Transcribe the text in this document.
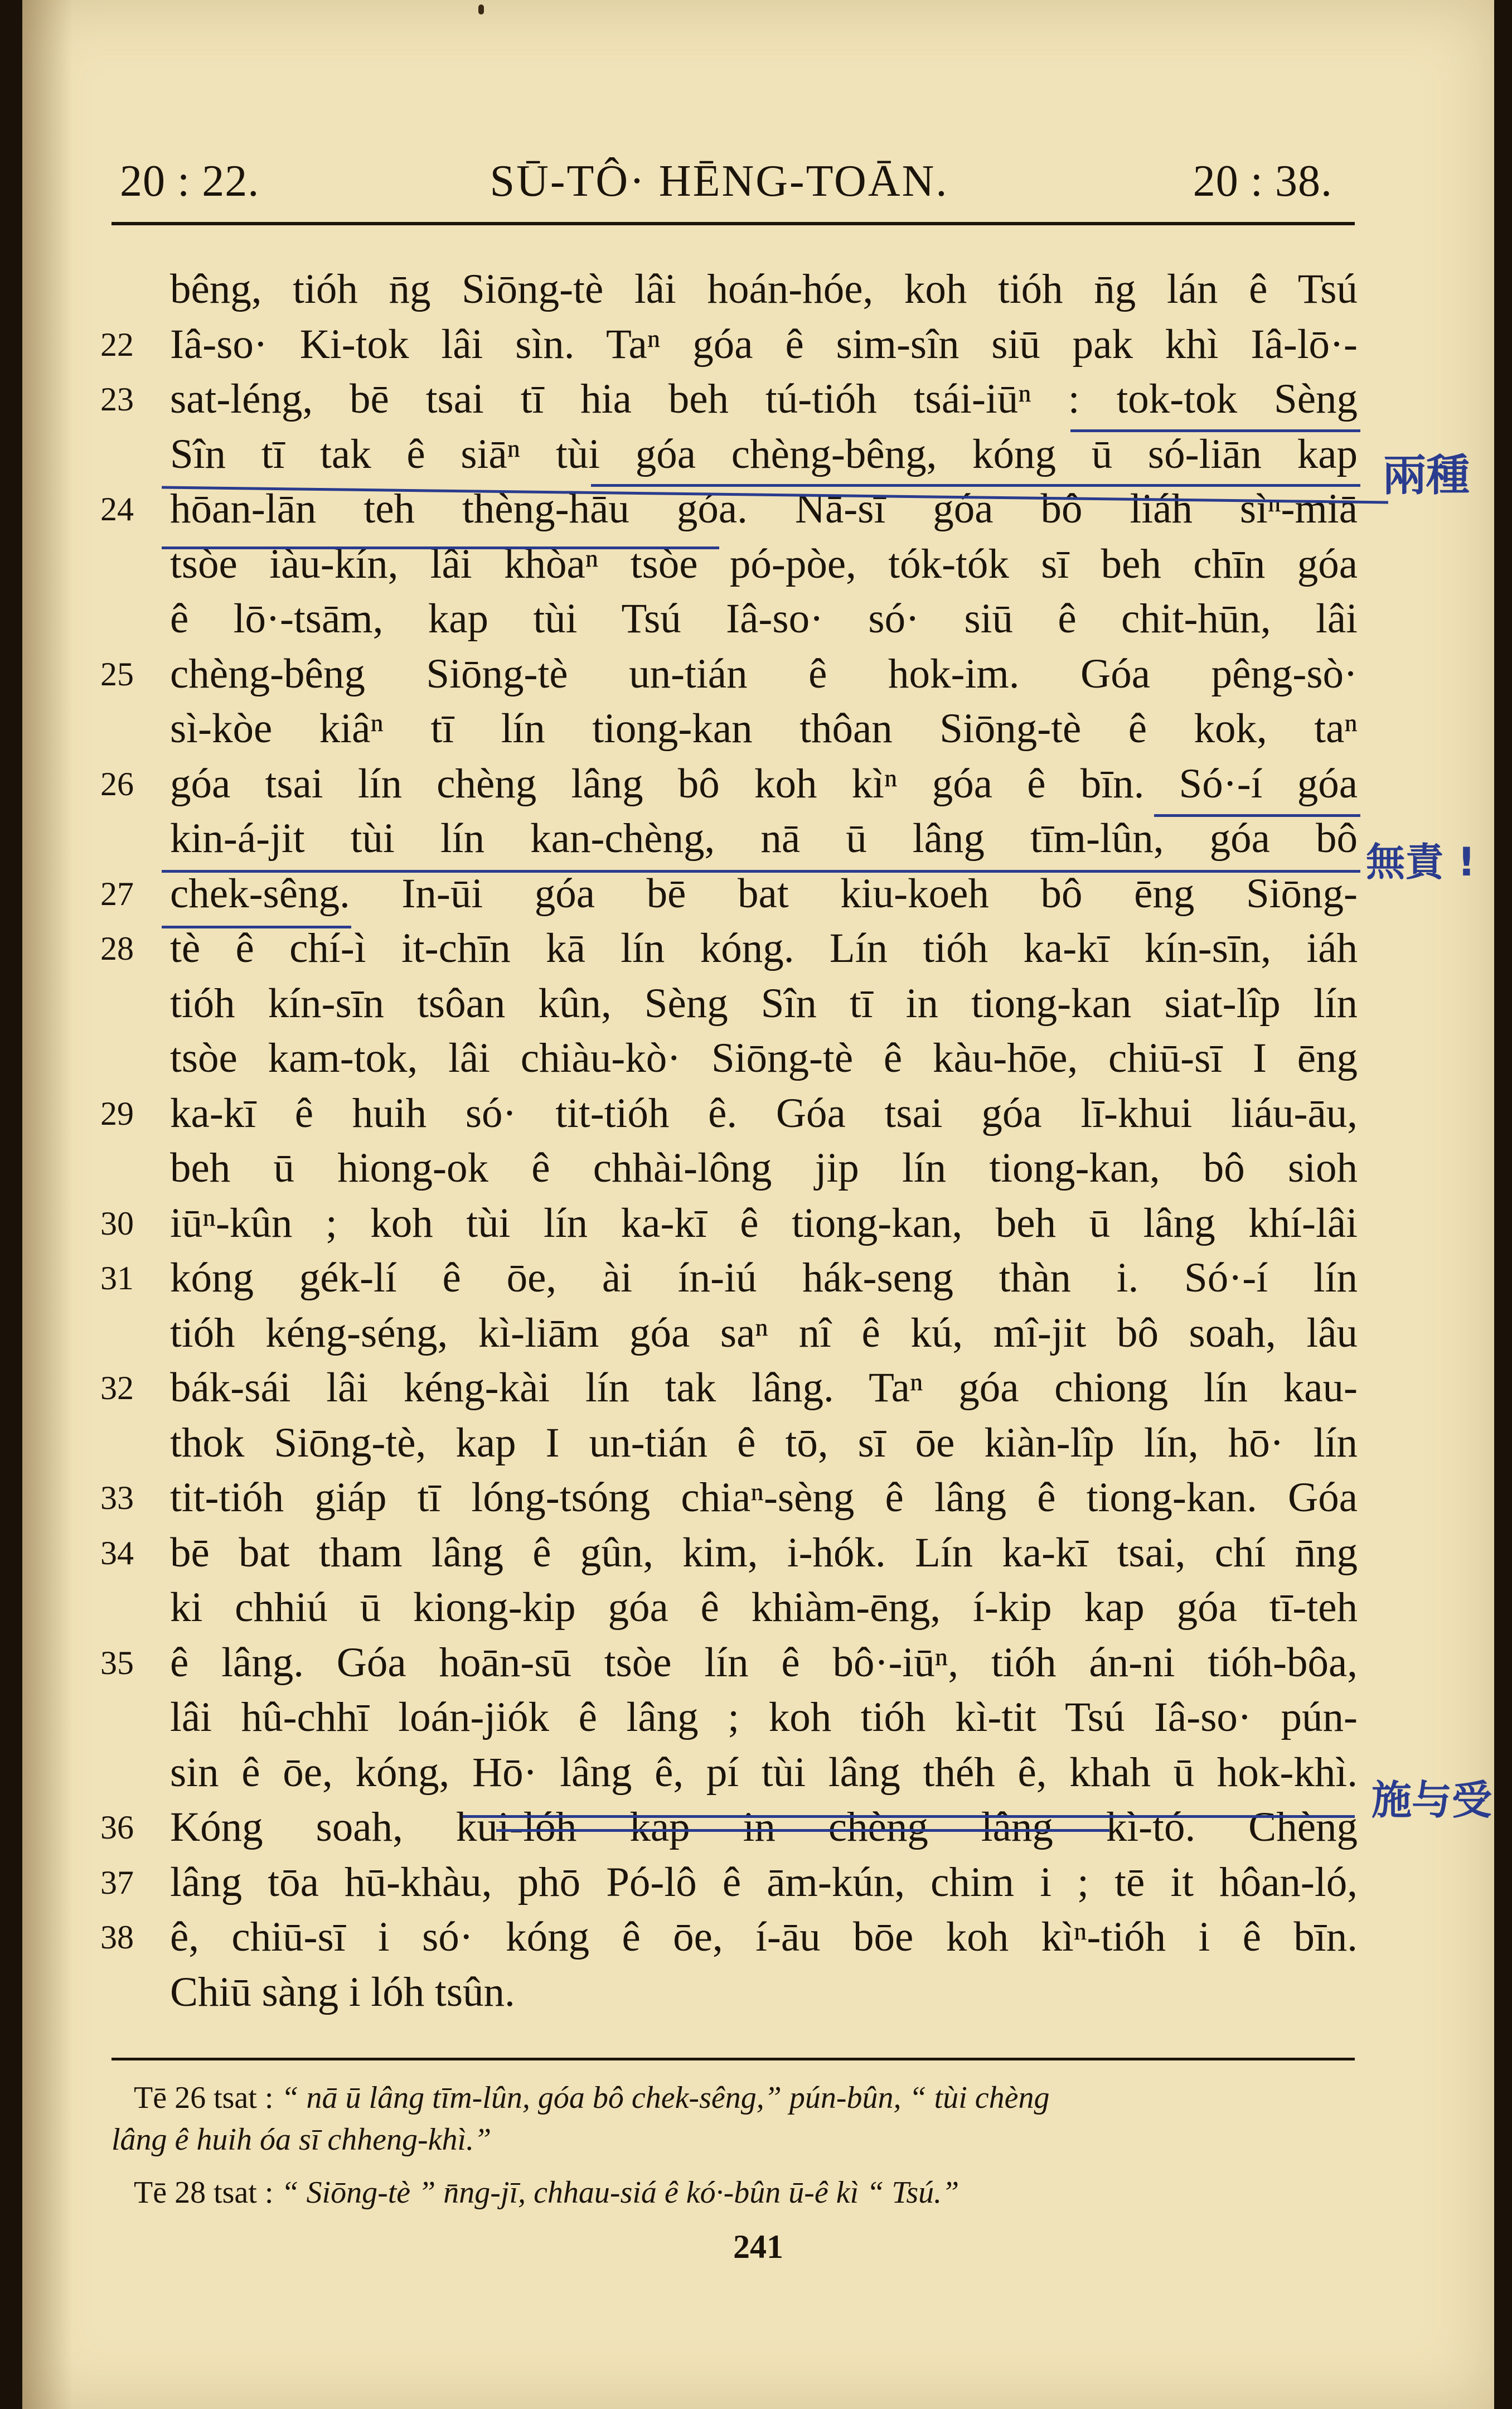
20 : 22.	SŪ-TÔ· HĒNG-TOĀN.	20 : 38.
bêng, tióh n̄g Siōng-tè lâi hoán-hóe, koh tióh n̄g lán ê Tsú
22 Iâ-so· Ki-tok lâi sìn. Taⁿ góa ê sim-sîn siū pak khì Iâ-lō·-
23 sat-léng, bē tsai tī hia beh tú-tióh tsái-iūⁿ : tok-tok Sèng
Sîn tī tak ê siāⁿ tùi góa chèng-bêng, kóng ū só-liān kap
24 hōan-lān teh thèng-hāu góa. Nā-sī góa bô liáh sìⁿ-miā
tsòe iàu-kín, lâi khòaⁿ tsòe pó-pòe, tók-tók sī beh chīn góa
ê lō·-tsām, kap tùi Tsú Iâ-so· só· siū ê chit-hūn, lâi
25 chèng-bêng Siōng-tè un-tián ê hok-im. Góa pêng-sò·
sì-kòe kiâⁿ tī lín tiong-kan thôan Siōng-tè ê kok, taⁿ
26 góa tsai lín chèng lâng bô koh kìⁿ góa ê bīn. Só·-í góa
kin-á-jit tùi lín kan-chèng, nā ū lâng tīm-lûn, góa bô
27 chek-sêng. In-ūi góa bē bat kiu-koeh bô ēng Siōng-
28 tè ê chí-ì it-chīn kā lín kóng. Lín tióh ka-kī kín-sīn, iáh
tióh kín-sīn tsôan kûn, Sèng Sîn tī in tiong-kan siat-lîp lín
tsòe kam-tok, lâi chiàu-kò· Siōng-tè ê kàu-hōe, chiū-sī I ēng
29 ka-kī ê huih só· tit-tióh ê. Góa tsai góa lī-khui liáu-āu,
beh ū hiong-ok ê chhài-lông jip lín tiong-kan, bô sioh
30 iūⁿ-kûn ; koh tùi lín ka-kī ê tiong-kan, beh ū lâng khí-lâi
31 kóng gék-lí ê ōe, ài ín-iú hák-seng thàn i. Só·-í lín
tióh kéng-séng, kì-liām góa saⁿ nî ê kú, mî-jit bô soah, lâu
32 bák-sái lâi kéng-kài lín tak lâng. Taⁿ góa chiong lín kau-
thok Siōng-tè, kap I un-tián ê tō, sī ōe kiàn-lîp lín, hō· lín
33 tit-tióh giáp tī lóng-tsóng chiaⁿ-sèng ê lâng ê tiong-kan. Góa
34 bē bat tham lâng ê gûn, kim, i-hók. Lín ka-kī tsai, chí n̄ng
ki chhiú ū kiong-kip góa ê khiàm-ēng, í-kip kap góa tī-teh
35 ê lâng. Góa hoān-sū tsòe lín ê bô·-iūⁿ, tióh án-ni tióh-bôa,
lâi hû-chhī loán-jiók ê lâng ; koh tióh kì-tit Tsú Iâ-so· pún-
sin ê ōe, kóng, Hō· lâng ê, pí tùi lâng théh ê, khah ū hok-khì.
36 Kóng soah, kūi-lóh kap in chèng lâng kì-tó. Chèng
37 38
lâng tōa hū-khàu, phō Pó-lô ê ām-kún, chim i ; tē it hôan-ló,
ê, chiū-sī i só· kóng ê ōe, í-āu bōe koh kìⁿ-tióh i ê bīn.
Chiū sàng i lóh tsûn.
兩種
無責 !
施与受
Tē 26 tsat : “ nā ū lâng tīm-lûn, góa bô chek-sêng,” pún-bûn, “ tùi chèng
lâng ê huih óa sī chheng-khì.”
Tē 28 tsat : “ Siōng-tè ” n̄ng-jī, chhau-siá ê kó·-bûn ū-ê kì “ Tsú.”
241
